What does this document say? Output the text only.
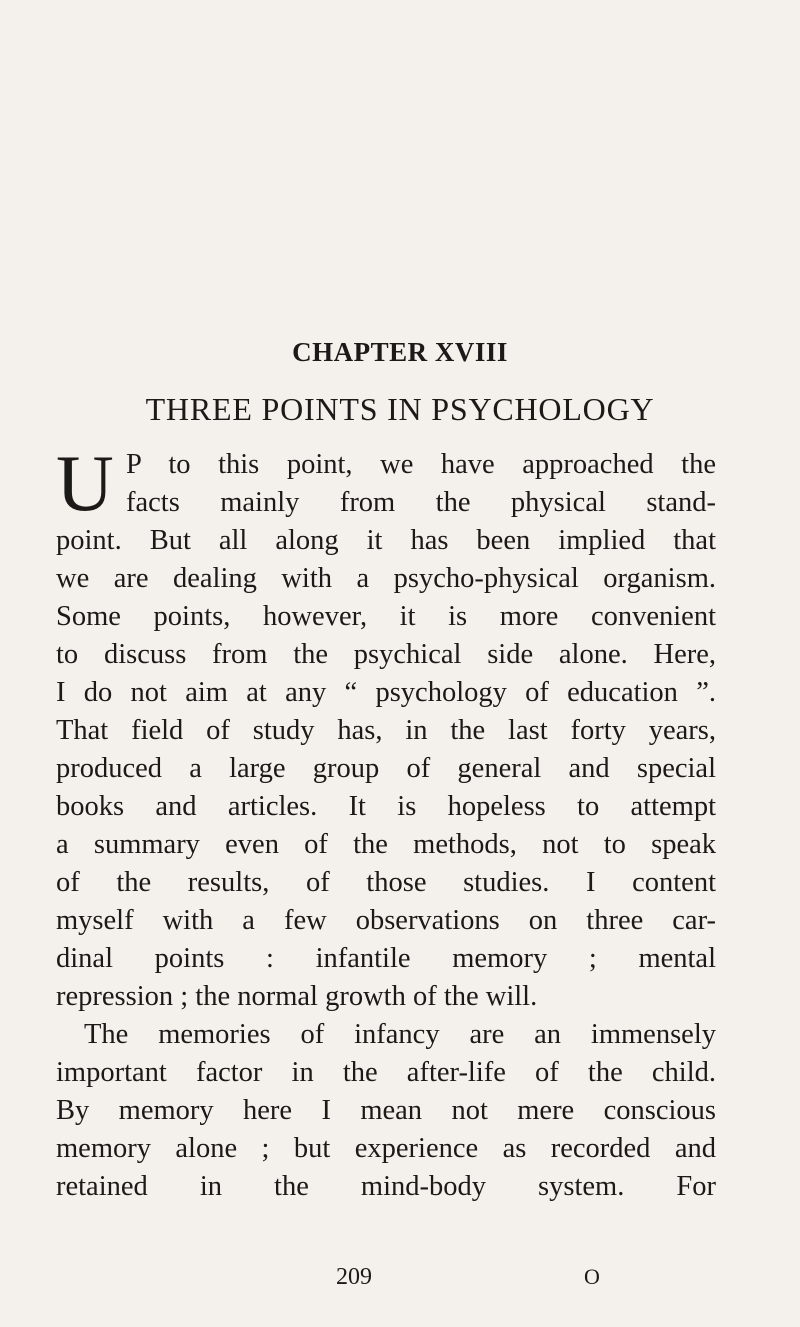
CHAPTER XVIII
THREE POINTS IN PSYCHOLOGY
U P to this point, we have approached the
facts mainly from the physical stand-
point. But all along it has been implied that
we are dealing with a psycho-physical organism.
Some points, however, it is more convenient
to discuss from the psychical side alone. Here,
I do not aim at any “ psychology of education ”.
That field of study has, in the last forty years,
produced a large group of general and special
books and articles. It is hopeless to attempt
a summary even of the methods, not to speak
of the results, of those studies. I content
myself with a few observations on three car-
dinal points : infantile memory ; mental
repression ; the normal growth of the will.
The memories of infancy are an immensely
important factor in the after-life of the child.
By memory here I mean not mere conscious
memory alone ; but experience as recorded and
retained in the mind-body system. For
209	O
